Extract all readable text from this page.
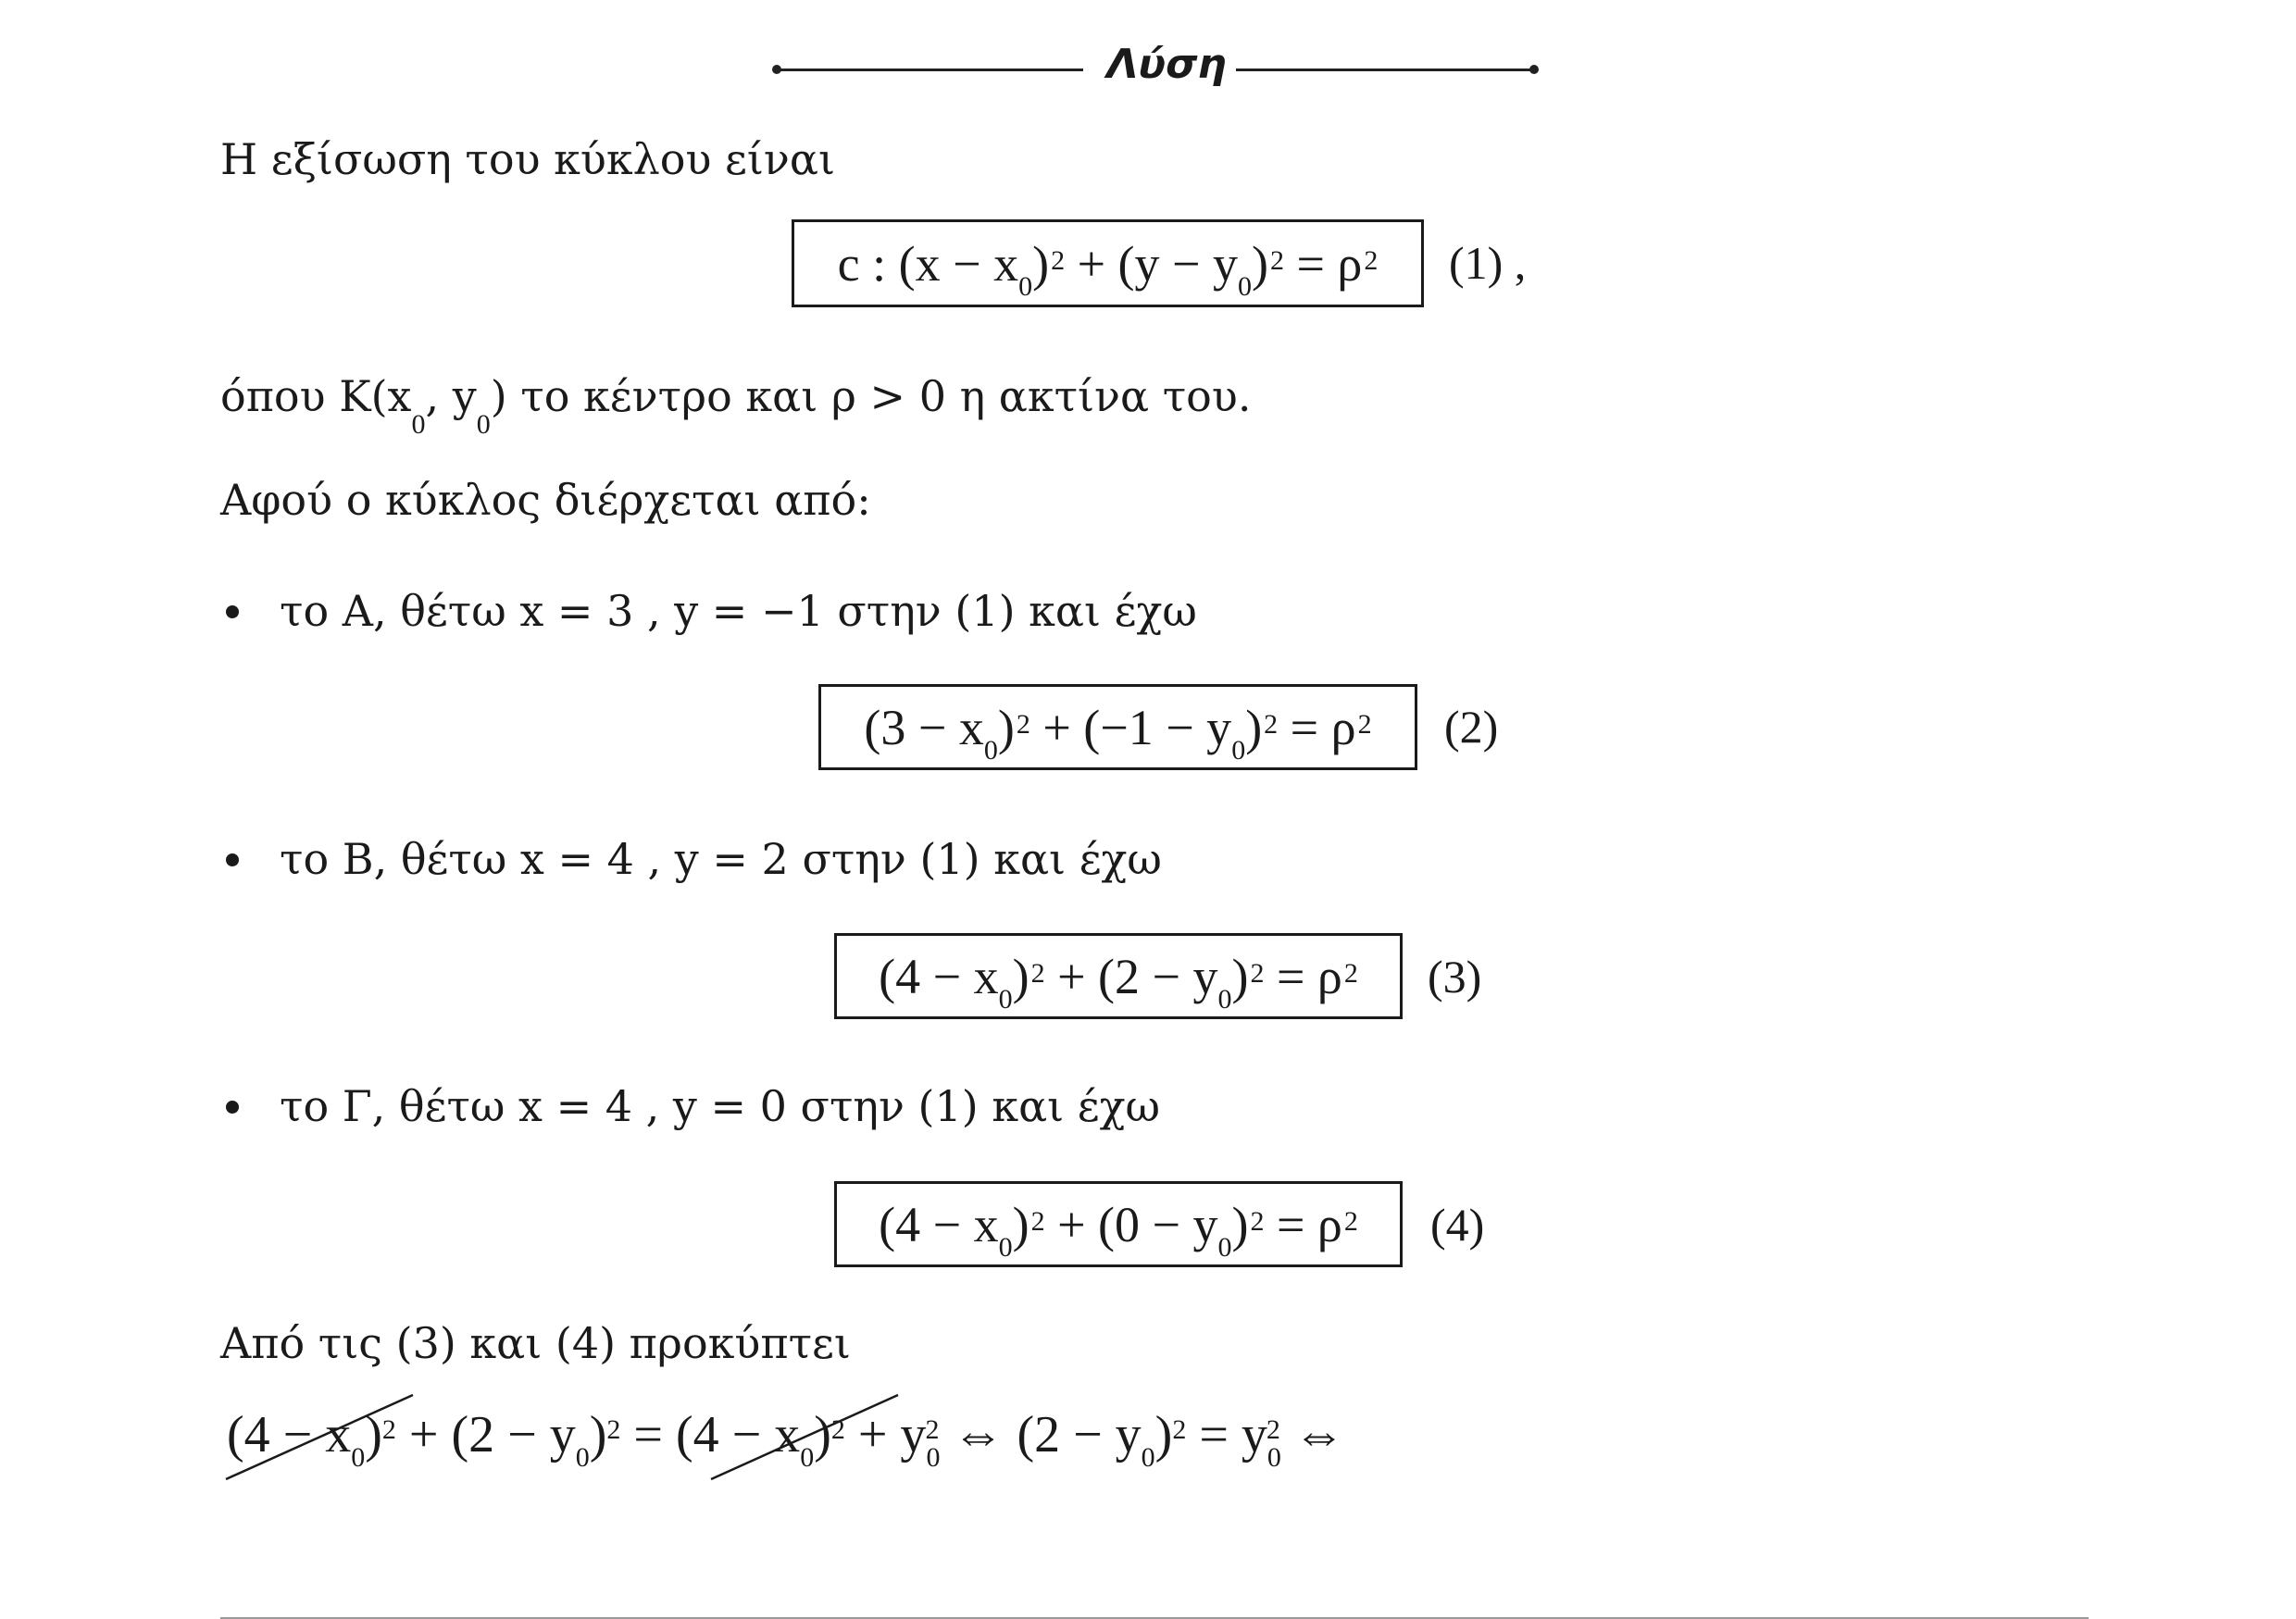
Λύση
Η εξίσωση του κύκλου είναι
c : $(x - x_0)^2 + (y - y_0)^2 = \rho^2$ (1) ,
όπου $K(x_0$, $y_0$) το κέντρο και ρ > 0 η ακτίνα του.
Αφού ο κύκλος διέρχεται από:
το A, θέτω x = 3 , y = −1 στην (1) και έχω
$(3 - x_0)^2 + (-1 - y_0)^2 = \rho^2$ (2)
το B, θέτω x = 4 , y = 2 στην (1) και έχω
$(4 - x_0)^2 + (2 - y_0)^2 = \rho^2$ (3)
το Γ, θέτω x = 4 , y = 0 στην (1) και έχω
$(4 - x_0)^2 + (0 - y_0)^2 = \rho^2$ (4)
Από τις (3) και (4) προκύπτει
$(4 - x_0)^2 + (2 - y_0)^2 = (4 - x_0)^2 + y_0^2$ ⇔ $(2 - y_0)^2 = y_0^2$ ⇔
